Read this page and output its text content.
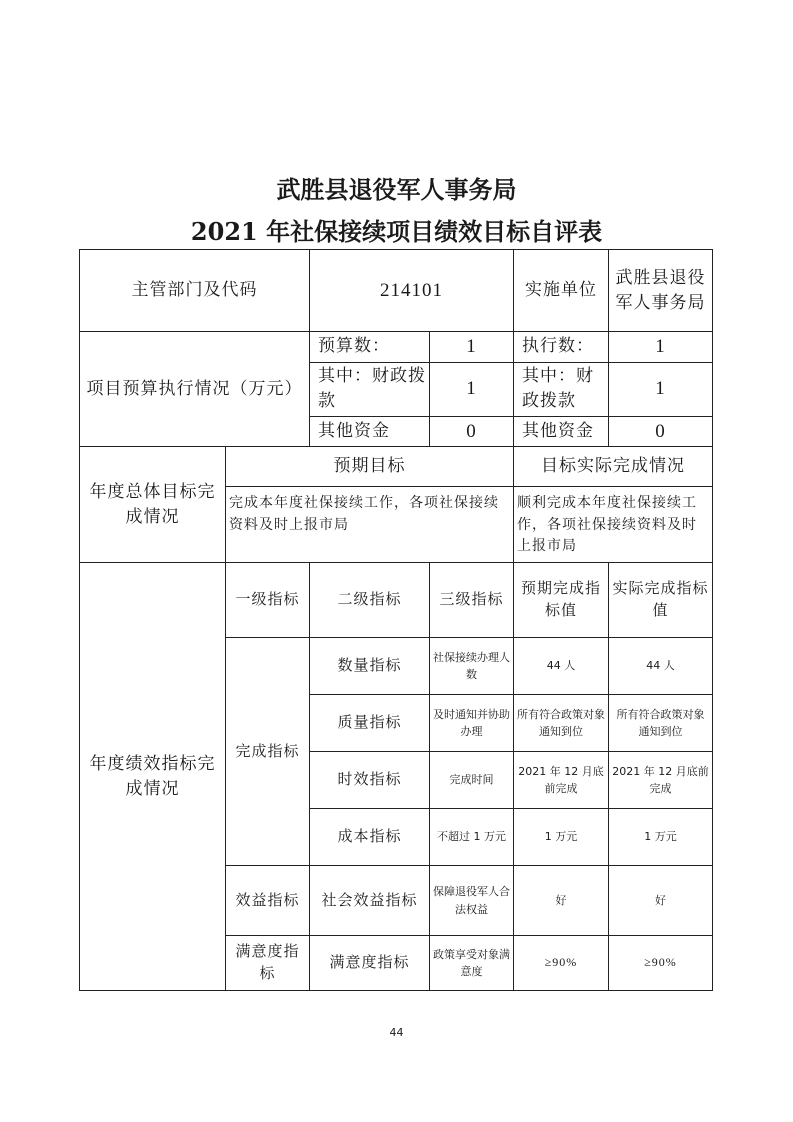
武胜县退役军人事务局
2021 年社保接续项目绩效目标自评表
主管部门及代码		214101		实施单位	武胜县退役军人事务局
项目预算执行情况（万元）		预算数：	1	执行数：	1
		其中：财政拨款	1	其中：财政拨款	1
		其他资金	0	其他资金	0
年度总体目标完成情况	预期目标			目标实际完成情况	
	完成本年度社保接续工作，各项社保接续资料及时上报市局			顺利完成本年度社保接续工作，各项社保接续资料及时上报市局	
年度绩效指标完成情况	一级指标	二级指标	三级指标	预期完成指标值	实际完成指标值
	完成指标	数量指标	社保接续办理人数	44 人	44 人
		质量指标	及时通知并协助办理	所有符合政策对象通知到位	所有符合政策对象通知到位
		时效指标	完成时间	2021 年 12 月底前完成	2021 年 12 月底前完成
		成本指标	不超过 1 万元	1 万元	1 万元
	效益指标	社会效益指标	保障退役军人合法权益	好	好
	满意度指标	满意度指标	政策享受对象满意度	≥90%	≥90%
44
